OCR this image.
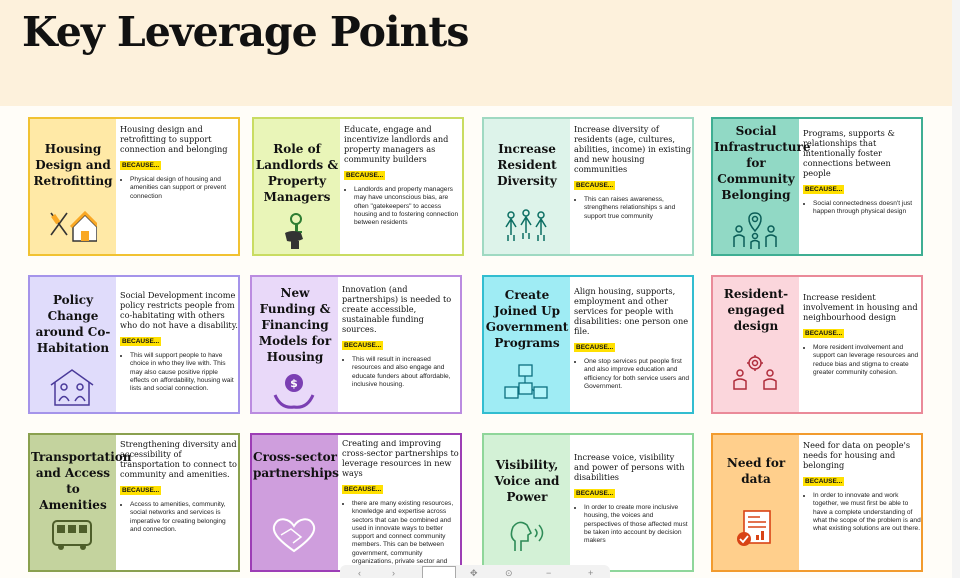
Key Leverage Points
Housing Design and Retrofitting
Housing design and retrofitting to support connection and belonging
BECAUSE...
• Physical design of housing and amenities can support or prevent connection
Role of Landlords & Property Managers
Educate, engage and incentivize landlords and property managers as community builders
BECAUSE...
• Landlords and property managers may have unconscious bias, are often "gatekeepers" to access housing and to fostering connection between residents
Increase Resident Diversity
Increase diversity of residents (age, cultures, abilities, income) in existing and new housing communities
BECAUSE...
• This can raises awareness, strengthens relationships s and support true community
Social Infrastructure for Community Belonging
Programs, supports & relationships that intentionally foster connections between people
BECAUSE...
• Social connectedness doesn't just happen through physical design
Policy Change around Co-Habitation
Social Development income policy restricts people from co-habitating with others who do not have a disability.
BECAUSE...
• This will support people to have choice in who they live with. This may also cause positive ripple effects on affordability, housing wait lists and social connection.
New Funding & Financing Models for Housing
$
Innovation (and partnerships) is needed to create accessible, sustainable funding sources.
BECAUSE...
• This will result in increased resources and also engage and educate funders about affordable, inclusive housing.
Create Joined Up Government Programs
Align housing, supports, employment and other services for people with disabilities: one person one file.
BECAUSE...
• One stop services put people first and also improve education and efficiency for both service users and Government.
Resident-engaged design
Increase resident involvement in housing and neighbourhood design
BECAUSE...
• More resident involvement and support can leverage resources and reduce bias and stigma to create greater community cohesion.
Transportation and Access to Amenities
Strengthening diversity and accessibility of transportation to connect to community and amenities.
BECAUSE...
• Access to amenities, community, social networks and services is imperative for creating belonging and connection.
Cross-sector partnerships
Creating and improving cross-sector partnerships to leverage resources in new ways
BECAUSE...
• there are many existing resources, knowledge and expertise across sectors that can be combined and used in innovate ways to better support and connect community members. This can be between government, community organizations, private sector and
Visibility, Voice and Power
Increase voice, visibility and power of persons with disabilities
BECAUSE...
• In order to create more inclusive housing, the voices and perspectives of those affected must be taken into account by decision makers
Need for data
Need for data on people's needs for housing and belonging
BECAUSE...
• In order to innovate and work together, we must first be able to have a complete understanding of what the scope of the problem is and what existing solutions are out there.
‹	›	✥	⊙	−	+
